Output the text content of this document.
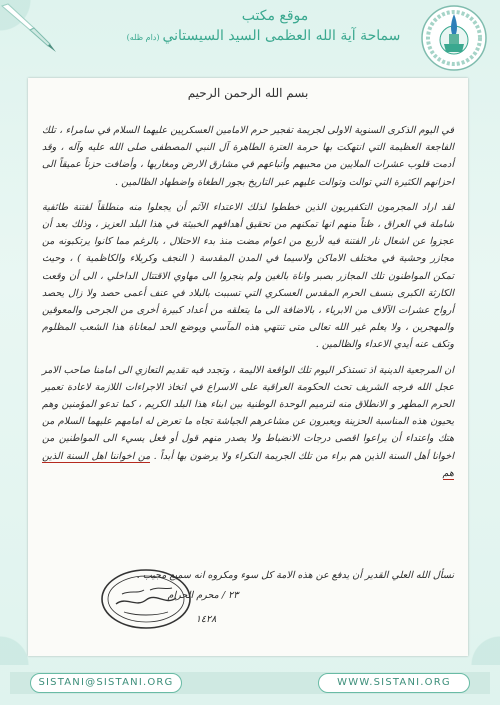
موقع مكتب
سماحة آية الله العظمى السيد السيستاني(دام ظله)
بسم الله الرحمن الرحيم

في اليوم الذكرى السنوية الاولى لجريمة تفجير حرم الامامين العسكريين عليهما السلام في سامراء ، تلك الفاجعة العظيمة التي انتهكت بها حرمة العترة الطاهرة آل النبي المصطفى صلى الله عليه وآله ، وقد أدمت قلوب عشرات الملايين من محبيهم وأتباعهم في مشارق الارض ومغاربها ، وأضافت حزناً عميقاً الى احزانهم الكثيرة التي توالت وتوالت عليهم عبر التاريخ بجور الطغاة واضطهاد الظالمين .

لقد اراد المجرمون التكفيريون الذين خططوا لذلك الاعتداء الآثم أن يجعلوا منه منطلقاً لفتنة طائفية شاملة في العراق ، ظناً منهم انها تمكنهم من تحقيق أهدافهم الخبيثة في هذا البلد العزيز ، وذلك بعد أن عجزوا عن اشعال نار الفتنة فيه لأربع من اعوام مضت منذ بدء الاحتلال ، بالرغم مما كانوا يرتكبونه من مجازر وحشية في مختلف الاماكن ولاسيما في المدن المقدسة ( النجف وكربلاء والكاظمية ) ، وحيث تمكن المواطنون تلك المجازر بصبر واناة بالغين ولم ينجروا الى مهاوي الاقتتال الداخلي ، الى أن وقعت الكارثة الكبرى بنسف الحرم المقدس العسكري التي تسببت بالبلاد في عنف أعمى حصد ولا زال يحصد أرواح عشرات الآلاف من الابرياء ، بالاضافة الى ما يتعلقه من أعداد كبيرة أخرى من الجرحى والمعوقين والمهجرين ، ولا يعلم غير الله تعالى متى تنتهي هذه المآسي ويوضع الحد لمعاناة هذا الشعب المظلوم وتكف عنه أيدي الاعداء والظالمين .

ان المرجعية الدينية اذ تستذكر اليوم تلك الواقعة الاليمة ، وتجدد فيه تقديم التعازي الى امامنا صاحب الامر عجل الله فرجه الشريف تحث الحكومة العراقية على الاسراع في اتخاذ الاجراءات اللازمة لاعادة تعمير الحرم المطهر و الانطلاق منه لترميم الوحدة الوطنية بين ابناء هذا البلد الكريم ، كما تدعو المؤمنين وهم يحيون هذه المناسبة الحزينة ويعبرون عن مشاعرهم الجياشة تجاه ما تعرض له امامهم عليهما السلام من هتك واعتداء أن يراعوا اقصى درجات الانضباط ولا يصدر منهم قول أو فعل يسيء الى المواطنين من اخوانا أهل السنة الذين هم براء من تلك الجريمة النكراء ولا يرضون بها أبداً . من اخواننا اهل السنة الذين هم

نسأل الله العلي القدير أن يدفع عن هذه الامة كل سوء ومكروه انه سميع مجيب .
٢٣ / محرم الحرام
١٤٢٨
SISTANI@SISTANI.ORG	WWW.SISTANI.ORG
